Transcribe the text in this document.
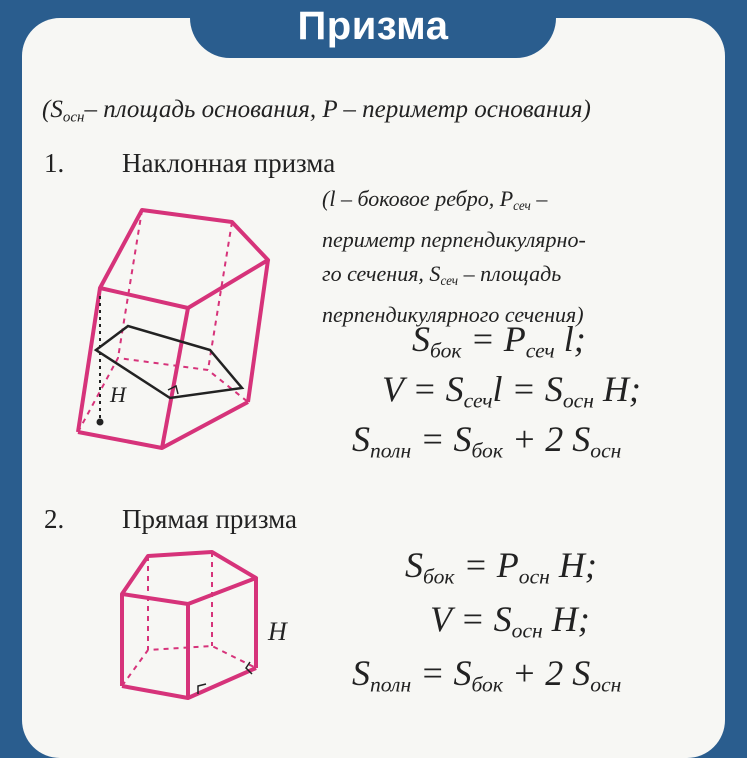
Призма
($S_{осн}-$ площадь основания, P – периметр основания)
1. Наклонная призма
(l – боковое ребро, $P_{сеч}$ –
периметр перпендикулярно-
го сечения, $S_{сеч}$ – площадь
перпендикулярного сечения)
$S_{бок} = P_{сеч}$ l;
$V = S_{сеч}l = S_{осн}$ H;
$S_{полн} = S_{бок} + 2$ $S_{осн}$
2. Прямая призма
$S_{бок} = P_{осн}$ H;
$V = S_{осн}$ H;
$S_{полн} = S_{бок} + 2$ $S_{осн}$
H
H
